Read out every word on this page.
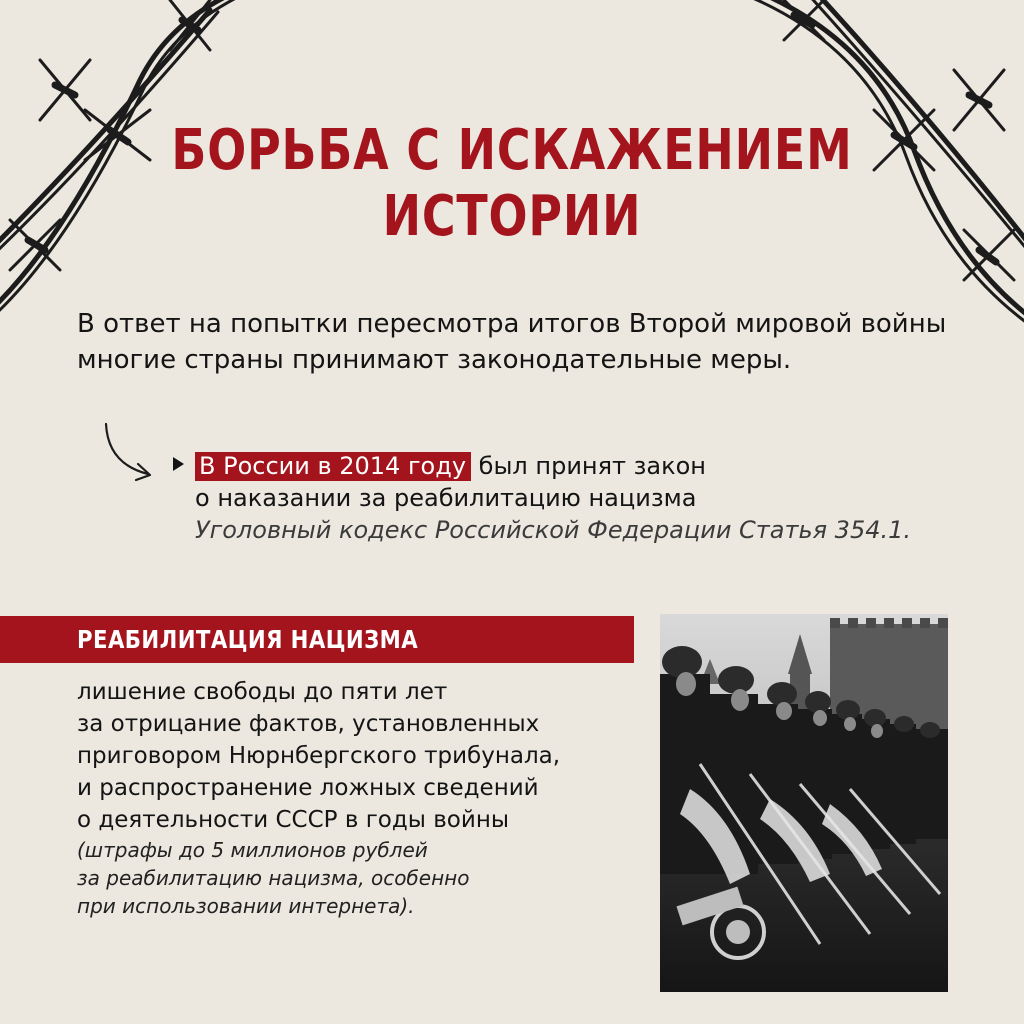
БОРЬБА С ИСКАЖЕНИЕМ
ИСТОРИИ

В ответ на попытки пересмотра итогов Второй мировой войны многие страны принимают законодательные меры.

В России в 2014 году был принят закон
о наказании за реабилитацию нацизма
Уголовный кодекс Российской Федерации Статья 354.1.
РЕАБИЛИТАЦИЯ НАЦИЗМА
лишение свободы до пяти лет
за отрицание фактов, установленных
приговором Нюрнбергского трибунала,
и распространение ложных сведений
о деятельности СССР в годы войны
(штрафы до 5 миллионов рублей
за реабилитацию нацизма, особенно
при использовании интернета).
